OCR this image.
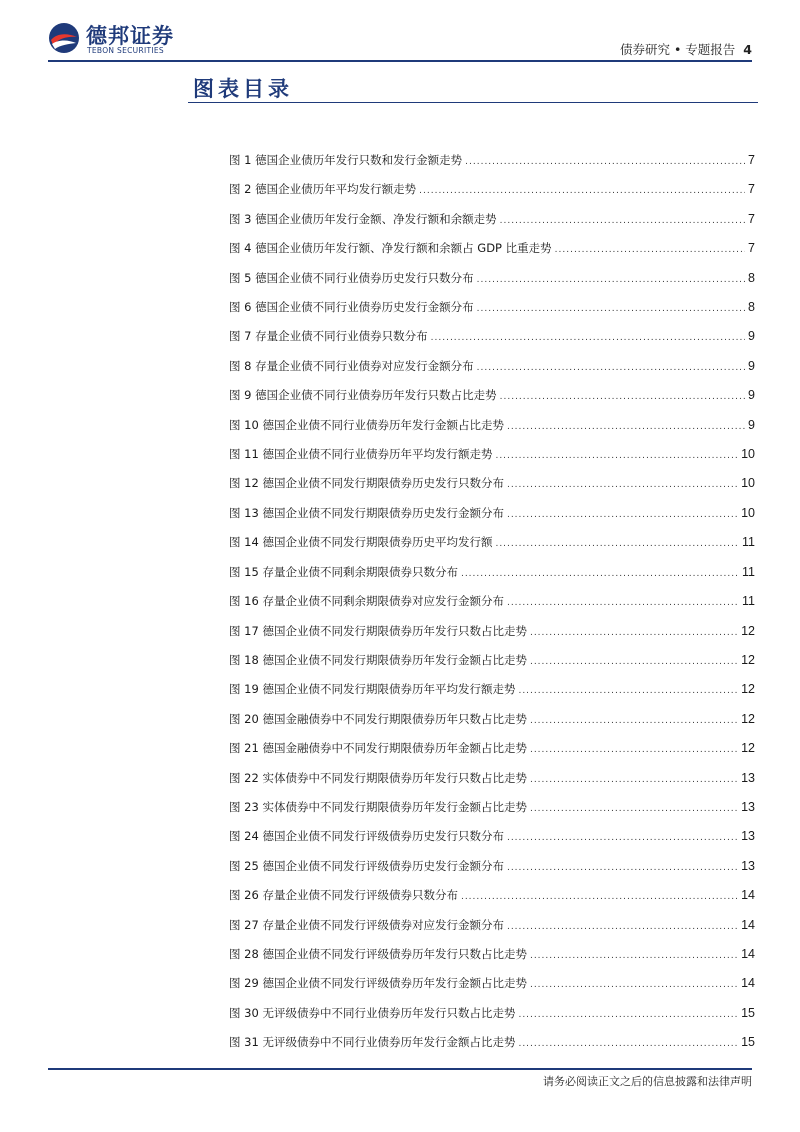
德邦证券
TEBON SECURITIES	债券研究 • 专题报告 4
图表目录
图 1 德国企业债历年发行只数和发行金额走势 .....	7
图 2 德国企业债历年平均发行额走势 .....	7
图 3 德国企业债历年发行金额、净发行额和余额走势 .....	7
图 4 德国企业债历年发行额、净发行额和余额占 GDP 比重走势 .....	7
图 5 德国企业债不同行业债券历史发行只数分布 .....	8
图 6 德国企业债不同行业债券历史发行金额分布 .....	8
图 7 存量企业债不同行业债券只数分布 .....	9
图 8 存量企业债不同行业债券对应发行金额分布 .....	9
图 9 德国企业债不同行业债券历年发行只数占比走势 .....	9
图 10 德国企业债不同行业债券历年发行金额占比走势 .....	9
图 11 德国企业债不同行业债券历年平均发行额走势 .....	10
图 12 德国企业债不同发行期限债券历史发行只数分布 .....	10
图 13 德国企业债不同发行期限债券历史发行金额分布 .....	10
图 14 德国企业债不同发行期限债券历史平均发行额 .....	11
图 15 存量企业债不同剩余期限债券只数分布 .....	11
图 16 存量企业债不同剩余期限债券对应发行金额分布 .....	11
图 17 德国企业债不同发行期限债券历年发行只数占比走势 .....	12
图 18 德国企业债不同发行期限债券历年发行金额占比走势 .....	12
图 19 德国企业债不同发行期限债券历年平均发行额走势 .....	12
图 20 德国金融债券中不同发行期限债券历年只数占比走势 .....	12
图 21 德国金融债券中不同发行期限债券历年金额占比走势 .....	12
图 22 实体债券中不同发行期限债券历年发行只数占比走势 .....	13
图 23 实体债券中不同发行期限债券历年发行金额占比走势 .....	13
图 24 德国企业债不同发行评级债券历史发行只数分布 .....	13
图 25 德国企业债不同发行评级债券历史发行金额分布 .....	13
图 26 存量企业债不同发行评级债券只数分布 .....	14
图 27 存量企业债不同发行评级债券对应发行金额分布 .....	14
图 28 德国企业债不同发行评级债券历年发行只数占比走势 .....	14
图 29 德国企业债不同发行评级债券历年发行金额占比走势 .....	14
图 30 无评级债券中不同行业债券历年发行只数占比走势 .....	15
图 31 无评级债券中不同行业债券历年发行金额占比走势 .....	15
请务必阅读正文之后的信息披露和法律声明
